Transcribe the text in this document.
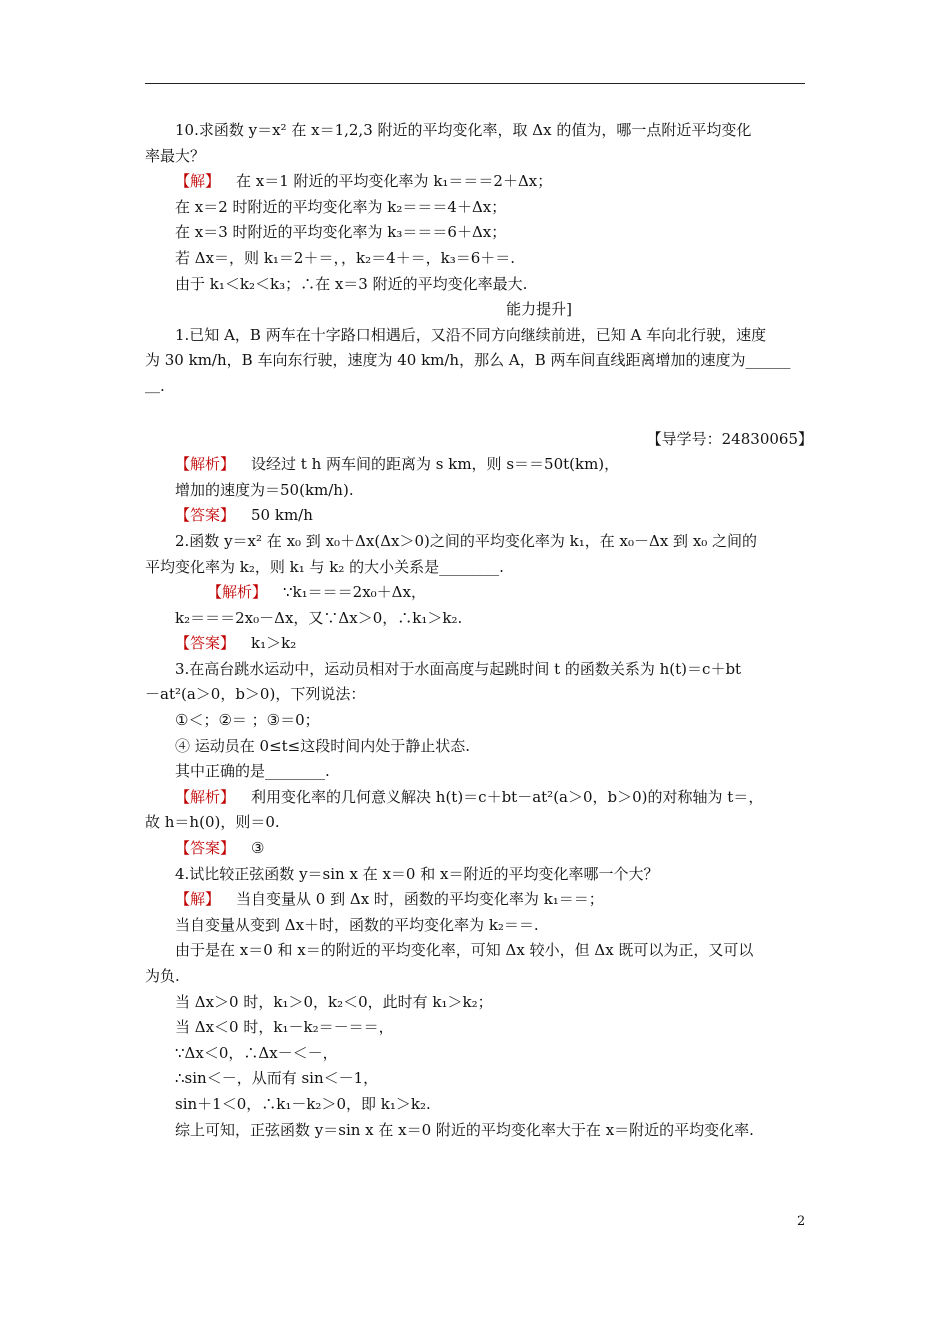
10.求函数 y＝x² 在 x＝1,2,3 附近的平均变化率，取 Δx 的值为，哪一点附近平均变化
率最大？
【解】 在 x＝1 附近的平均变化率为 k₁＝＝＝2＋Δx；
在 x＝2 时附近的平均变化率为 k₂＝＝＝4＋Δx；
在 x＝3 时附近的平均变化率为 k₃＝＝＝6＋Δx；
若 Δx＝，则 k₁＝2＋＝，，k₂＝4＋＝，k₃＝6＋＝.
由于 k₁＜k₂＜k₃；∴在 x＝3 附近的平均变化率最大.
能力提升]
1.已知 A，B 两车在十字路口相遇后，又沿不同方向继续前进，已知 A 车向北行驶，速度
为 30 km/h，B 车向东行驶，速度为 40 km/h，那么 A，B 两车间直线距离增加的速度为______
＿.
【导学号：24830065】
【解析】 设经过 t h 两车间的距离为 s km，则 s＝＝50t(km)，
增加的速度为＝50(km/h).
【答案】 50 km/h
2.函数 y＝x² 在 x₀ 到 x₀＋Δx(Δx＞0)之间的平均变化率为 k₁，在 x₀－Δx 到 x₀ 之间的
平均变化率为 k₂，则 k₁ 与 k₂ 的大小关系是________.
【解析】 ∵k₁＝＝＝2x₀＋Δx，
k₂＝＝＝2x₀－Δx，又∵Δx＞0，∴k₁＞k₂.
【答案】 k₁＞k₂
3.在高台跳水运动中，运动员相对于水面高度与起跳时间 t 的函数关系为 h(t)＝c＋bt
－at²(a＞0，b＞0)，下列说法：
①＜；②＝ ；③＝0；
④ 运动员在 0≤t≤这段时间内处于静止状态.
其中正确的是________.
【解析】 利用变化率的几何意义解决 h(t)＝c＋bt－at²(a＞0，b＞0)的对称轴为 t＝，
故 h＝h(0)，则＝0.
【答案】 ③
4.试比较正弦函数 y＝sin x 在 x＝0 和 x＝附近的平均变化率哪一个大？
【解】 当自变量从 0 到 Δx 时，函数的平均变化率为 k₁＝＝；
当自变量从变到 Δx＋时，函数的平均变化率为 k₂＝＝.
由于是在 x＝0 和 x＝的附近的平均变化率，可知 Δx 较小，但 Δx 既可以为正，又可以
为负.
当 Δx＞0 时，k₁＞0，k₂＜0，此时有 k₁＞k₂；
当 Δx＜0 时，k₁－k₂＝－＝＝，
∵Δx＜0，∴Δx－＜－，
∴sin＜－，从而有 sin＜－1，
sin＋1＜0，∴k₁－k₂＞0，即 k₁＞k₂.
综上可知，正弦函数 y＝sin x 在 x＝0 附近的平均变化率大于在 x＝附近的平均变化率.
2
